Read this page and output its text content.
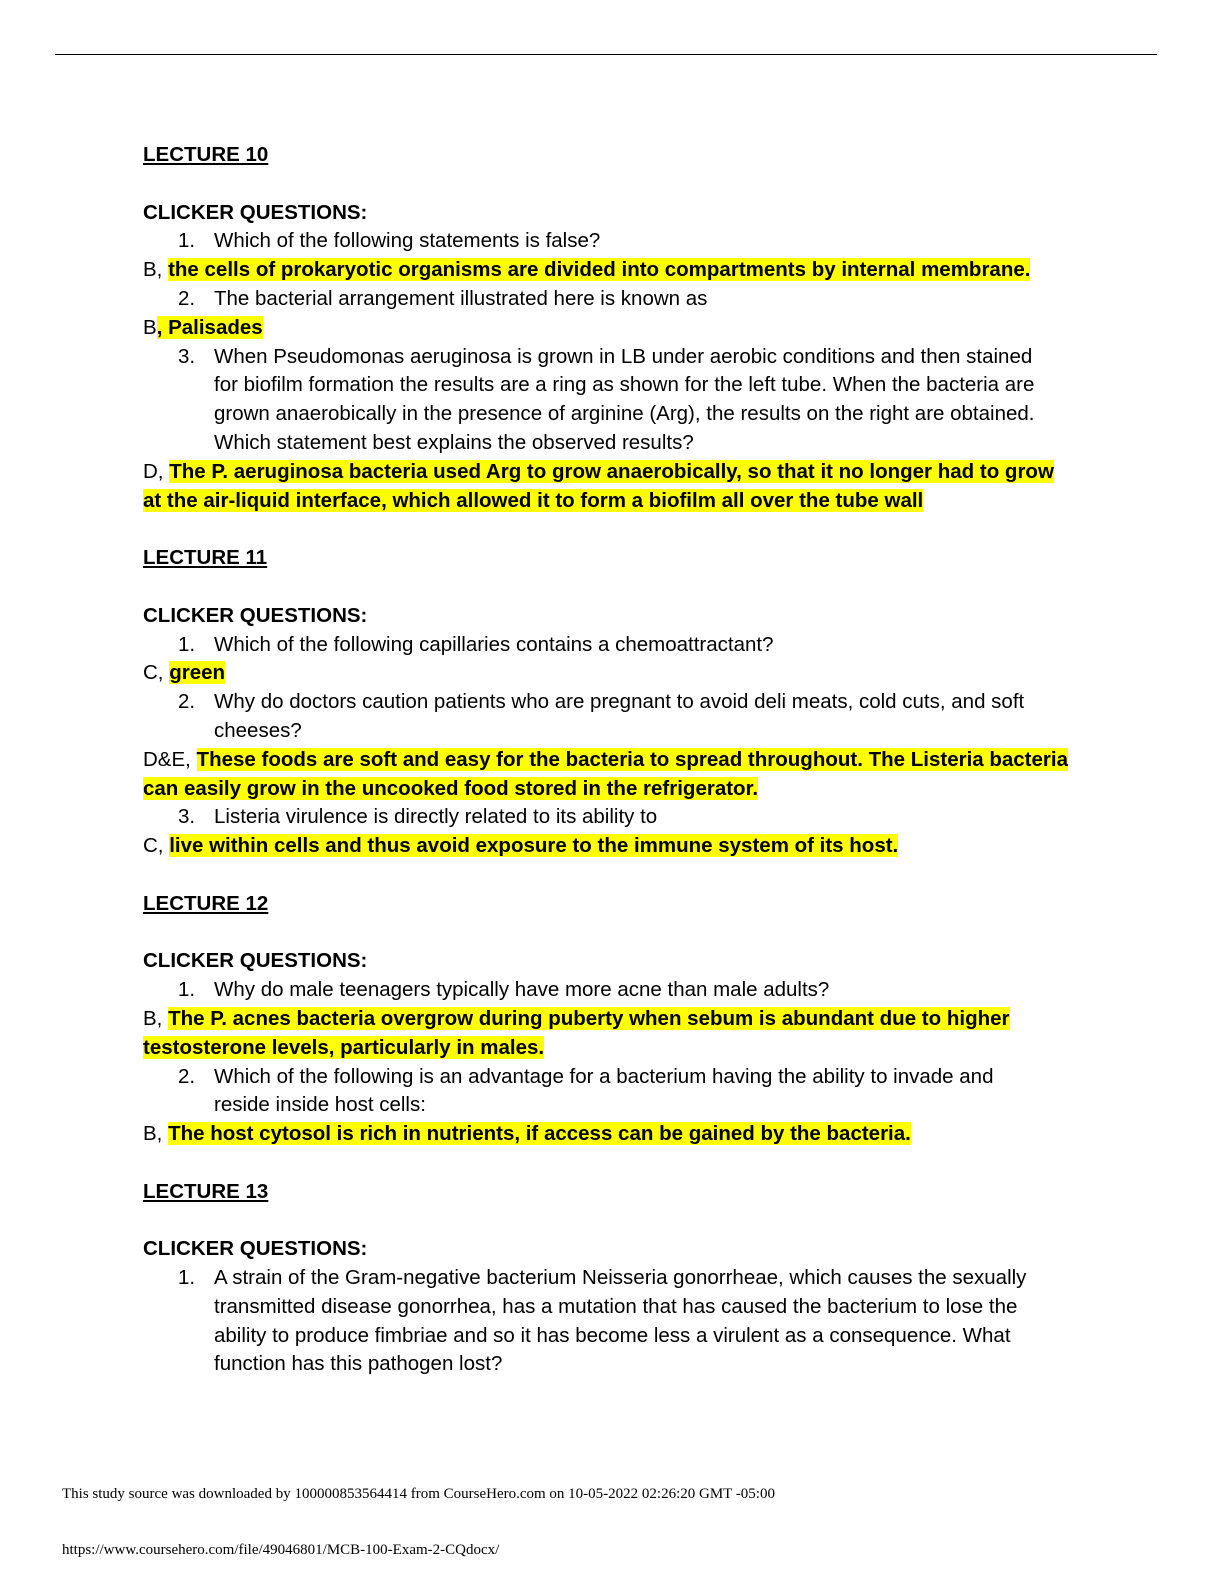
LECTURE 10

CLICKER QUESTIONS:

1. Which of the following statements is false?

B, the cells of prokaryotic organisms are divided into compartments by internal membrane.

2. The bacterial arrangement illustrated here is known as

B, Palisades

3. When Pseudomonas aeruginosa is grown in LB under aerobic conditions and then stained for biofilm formation the results are a ring as shown for the left tube. When the bacteria are grown anaerobically in the presence of arginine (Arg), the results on the right are obtained. Which statement best explains the observed results?

D, The P. aeruginosa bacteria used Arg to grow anaerobically, so that it no longer had to grow at the air-liquid interface, which allowed it to form a biofilm all over the tube wall

LECTURE 11

CLICKER QUESTIONS:

1. Which of the following capillaries contains a chemoattractant?

C, green

2. Why do doctors caution patients who are pregnant to avoid deli meats, cold cuts, and soft cheeses?

D&E, These foods are soft and easy for the bacteria to spread throughout. The Listeria bacteria can easily grow in the uncooked food stored in the refrigerator.

3. Listeria virulence is directly related to its ability to

C, live within cells and thus avoid exposure to the immune system of its host.

LECTURE 12

CLICKER QUESTIONS:

1. Why do male teenagers typically have more acne than male adults?

B, The P. acnes bacteria overgrow during puberty when sebum is abundant due to higher testosterone levels, particularly in males.

2. Which of the following is an advantage for a bacterium having the ability to invade and reside inside host cells:

B, The host cytosol is rich in nutrients, if access can be gained by the bacteria.

LECTURE 13

CLICKER QUESTIONS:

1. A strain of the Gram-negative bacterium Neisseria gonorrheae, which causes the sexually transmitted disease gonorrhea, has a mutation that has caused the bacterium to lose the ability to produce fimbriae and so it has become less a virulent as a consequence. What function has this pathogen lost?
This study source was downloaded by 100000853564414 from CourseHero.com on 10-05-2022 02:26:20 GMT -05:00
https://www.coursehero.com/file/49046801/MCB-100-Exam-2-CQdocx/
